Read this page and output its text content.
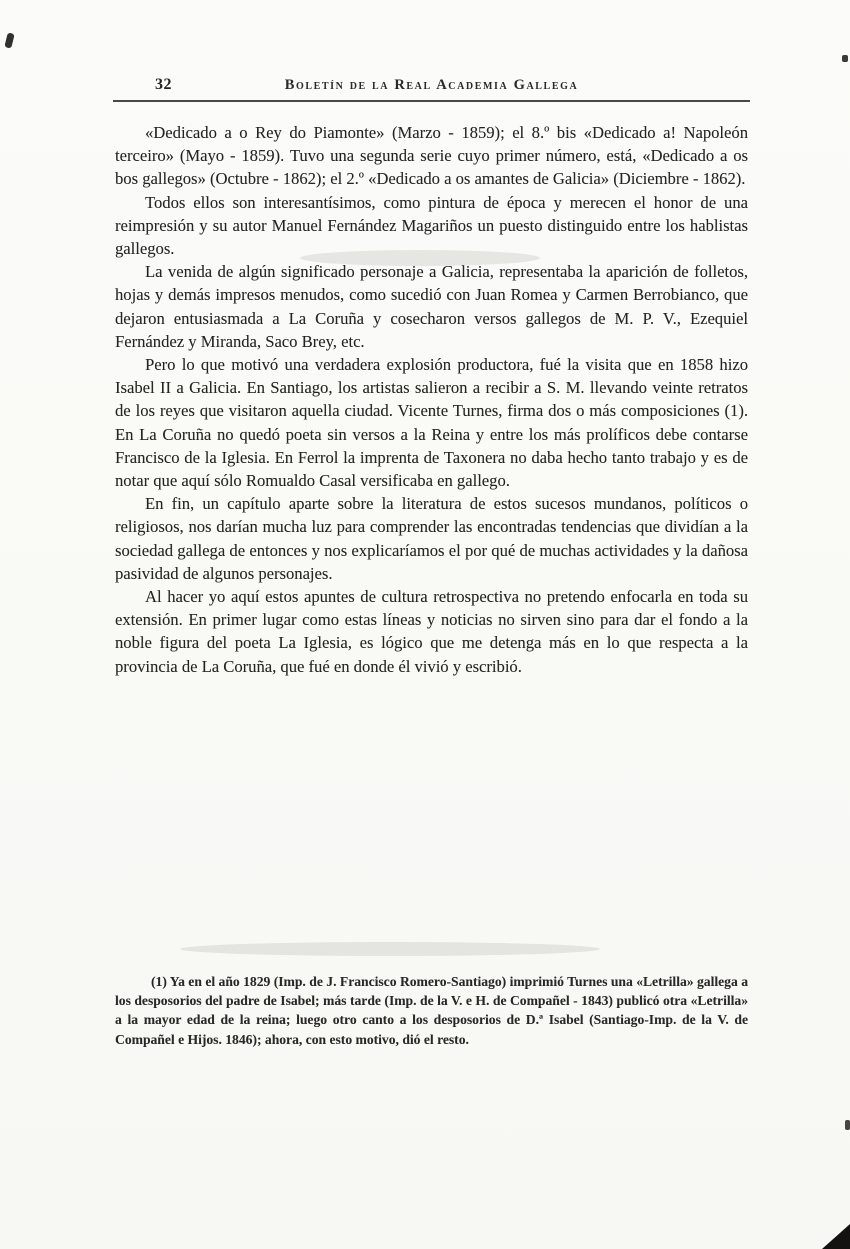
32	Boletín de la Real Academia Gallega

«Dedicado a o Rey do Piamonte» (Marzo - 1859); el 8.º bis «Dedicado a! Napoleón terceiro» (Mayo - 1859). Tuvo una segunda serie cuyo primer número, está, «Dedicado a os bos gallegos» (Octubre - 1862); el 2.º «Dedicado a os amantes de Galicia» (Diciembre - 1862).

Todos ellos son interesantísimos, como pintura de época y merecen el honor de una reimpresión y su autor Manuel Fernández Magariños un puesto distinguido entre los hablistas gallegos.

La venida de algún significado personaje a Galicia, representaba la aparición de folletos, hojas y demás impresos menudos, como sucedió con Juan Romea y Carmen Berrobianco, que dejaron entusiasmada a La Coruña y cosecharon versos gallegos de M. P. V., Ezequiel Fernández y Miranda, Saco Brey, etc.

Pero lo que motivó una verdadera explosión productora, fué la visita que en 1858 hizo Isabel II a Galicia. En Santiago, los artistas salieron a recibir a S. M. llevando veinte retratos de los reyes que visitaron aquella ciudad. Vicente Turnes, firma dos o más composiciones (1). En La Coruña no quedó poeta sin versos a la Reina y entre los más prolíficos debe contarse Francisco de la Iglesia. En Ferrol la imprenta de Taxonera no daba hecho tanto trabajo y es de notar que aquí sólo Romualdo Casal versificaba en gallego.

En fin, un capítulo aparte sobre la literatura de estos sucesos mundanos, políticos o religiosos, nos darían mucha luz para comprender las encontradas tendencias que dividían a la sociedad gallega de entonces y nos explicaríamos el por qué de muchas actividades y la dañosa pasividad de algunos personajes.

Al hacer yo aquí estos apuntes de cultura retrospectiva no pretendo enfocarla en toda su extensión. En primer lugar como estas líneas y noticias no sirven sino para dar el fondo a la noble figura del poeta La Iglesia, es lógico que me detenga más en lo que respecta a la provincia de La Coruña, que fué en donde él vivió y escribió.

(1) Ya en el año 1829 (Imp. de J. Francisco Romero-Santiago) imprimió Turnes una «Letrilla» gallega a los desposorios del padre de Isabel; más tarde (Imp. de la V. e H. de Compañel - 1843) publicó otra «Letrilla» a la mayor edad de la reina; luego otro canto a los desposorios de D.ª Isabel (Santiago-Imp. de la V. de Compañel e Hijos. 1846); ahora, con esto motivo, dió el resto.
